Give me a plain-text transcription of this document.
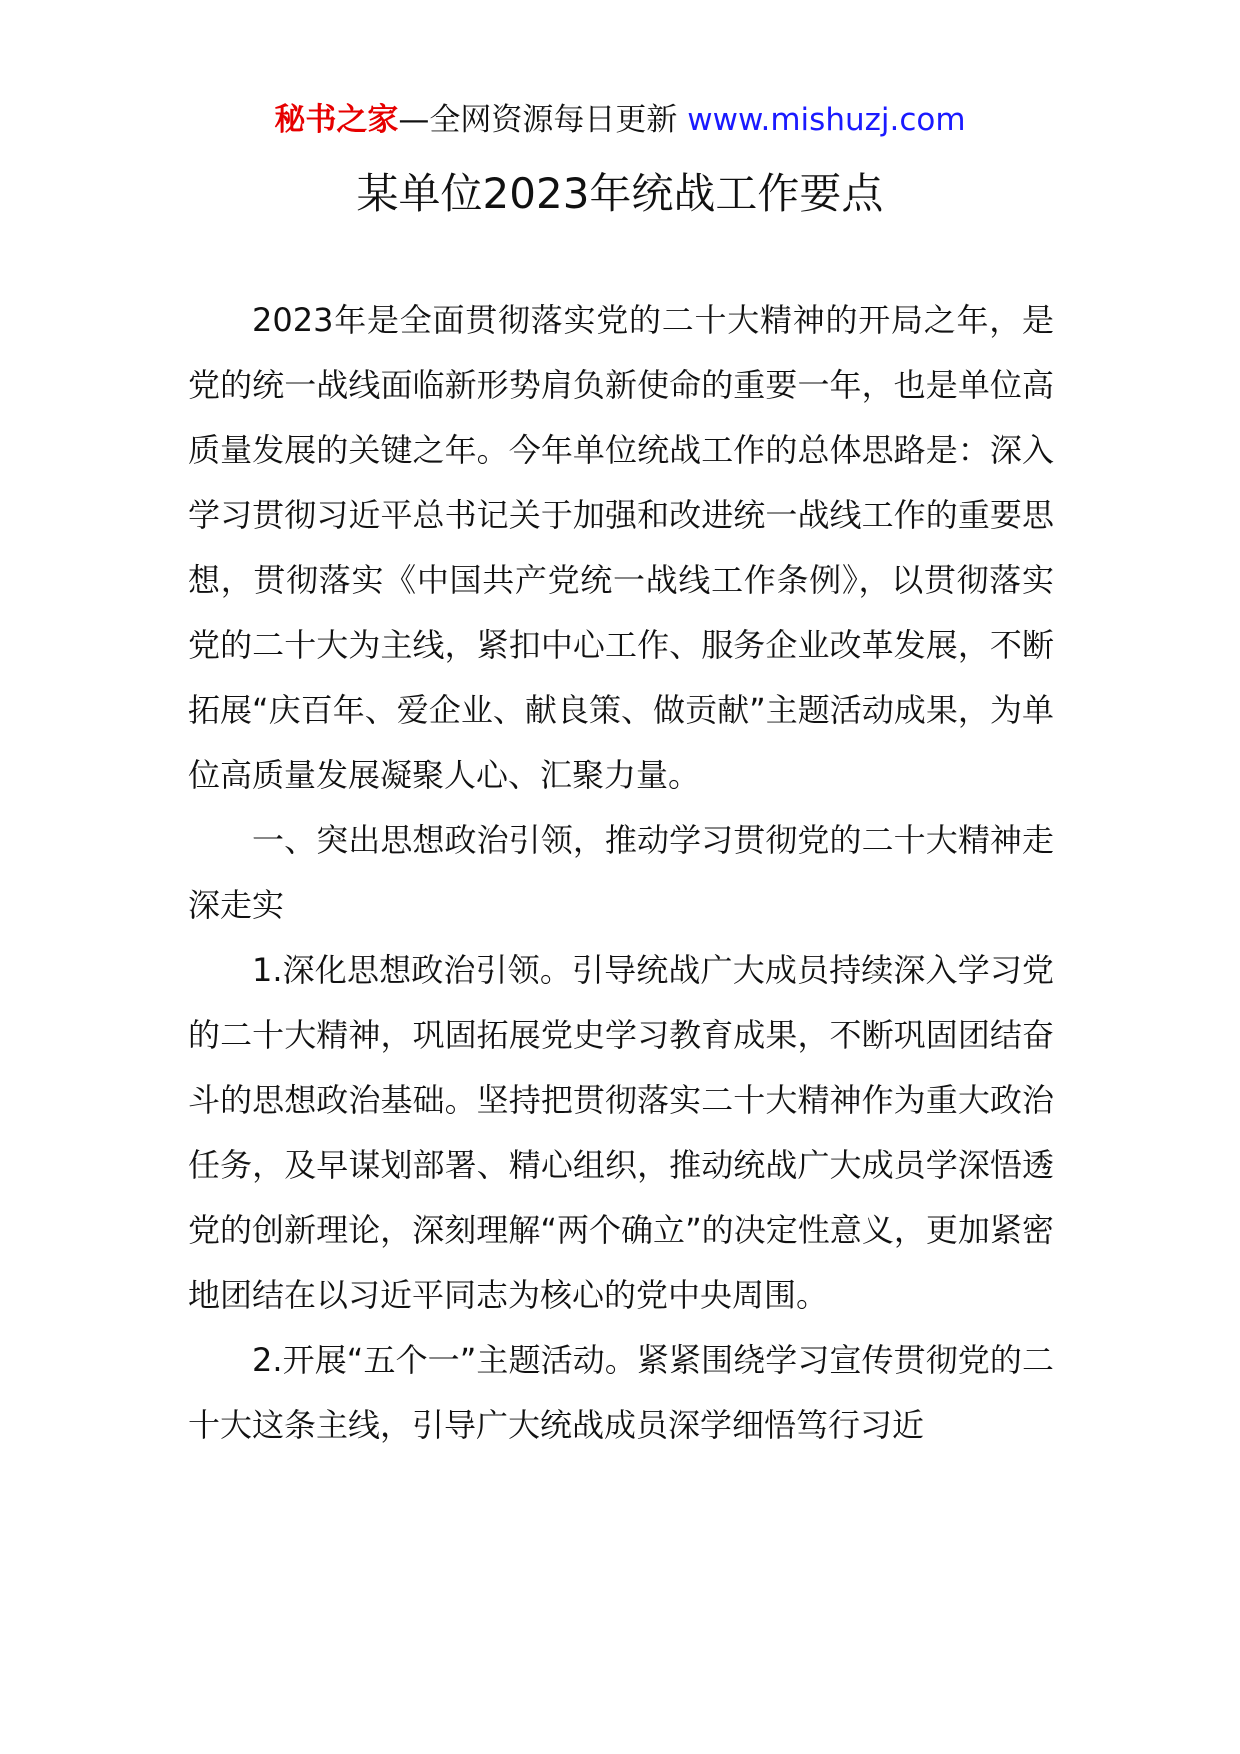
秘书之家—全网资源每日更新 www.mishuzj.com
某单位2023年统战工作要点

2023年是全面贯彻落实党的二十大精神的开局之年，是党的统一战线面临新形势肩负新使命的重要一年，也是单位高质量发展的关键之年。今年单位统战工作的总体思路是：深入学习贯彻习近平总书记关于加强和改进统一战线工作的重要思想，贯彻落实《中国共产党统一战线工作条例》，以贯彻落实党的二十大为主线，紧扣中心工作、服务企业改革发展，不断拓展“庆百年、爱企业、献良策、做贡献”主题活动成果，为单位高质量发展凝聚人心、汇聚力量。

一、突出思想政治引领，推动学习贯彻党的二十大精神走深走实

1.深化思想政治引领。引导统战广大成员持续深入学习党的二十大精神，巩固拓展党史学习教育成果，不断巩固团结奋斗的思想政治基础。坚持把贯彻落实二十大精神作为重大政治任务，及早谋划部署、精心组织，推动统战广大成员学深悟透党的创新理论，深刻理解“两个确立”的决定性意义，更加紧密地团结在以习近平同志为核心的党中央周围。

2.开展“五个一”主题活动。紧紧围绕学习宣传贯彻党的二十大这条主线，引导广大统战成员深学细悟笃行习近
